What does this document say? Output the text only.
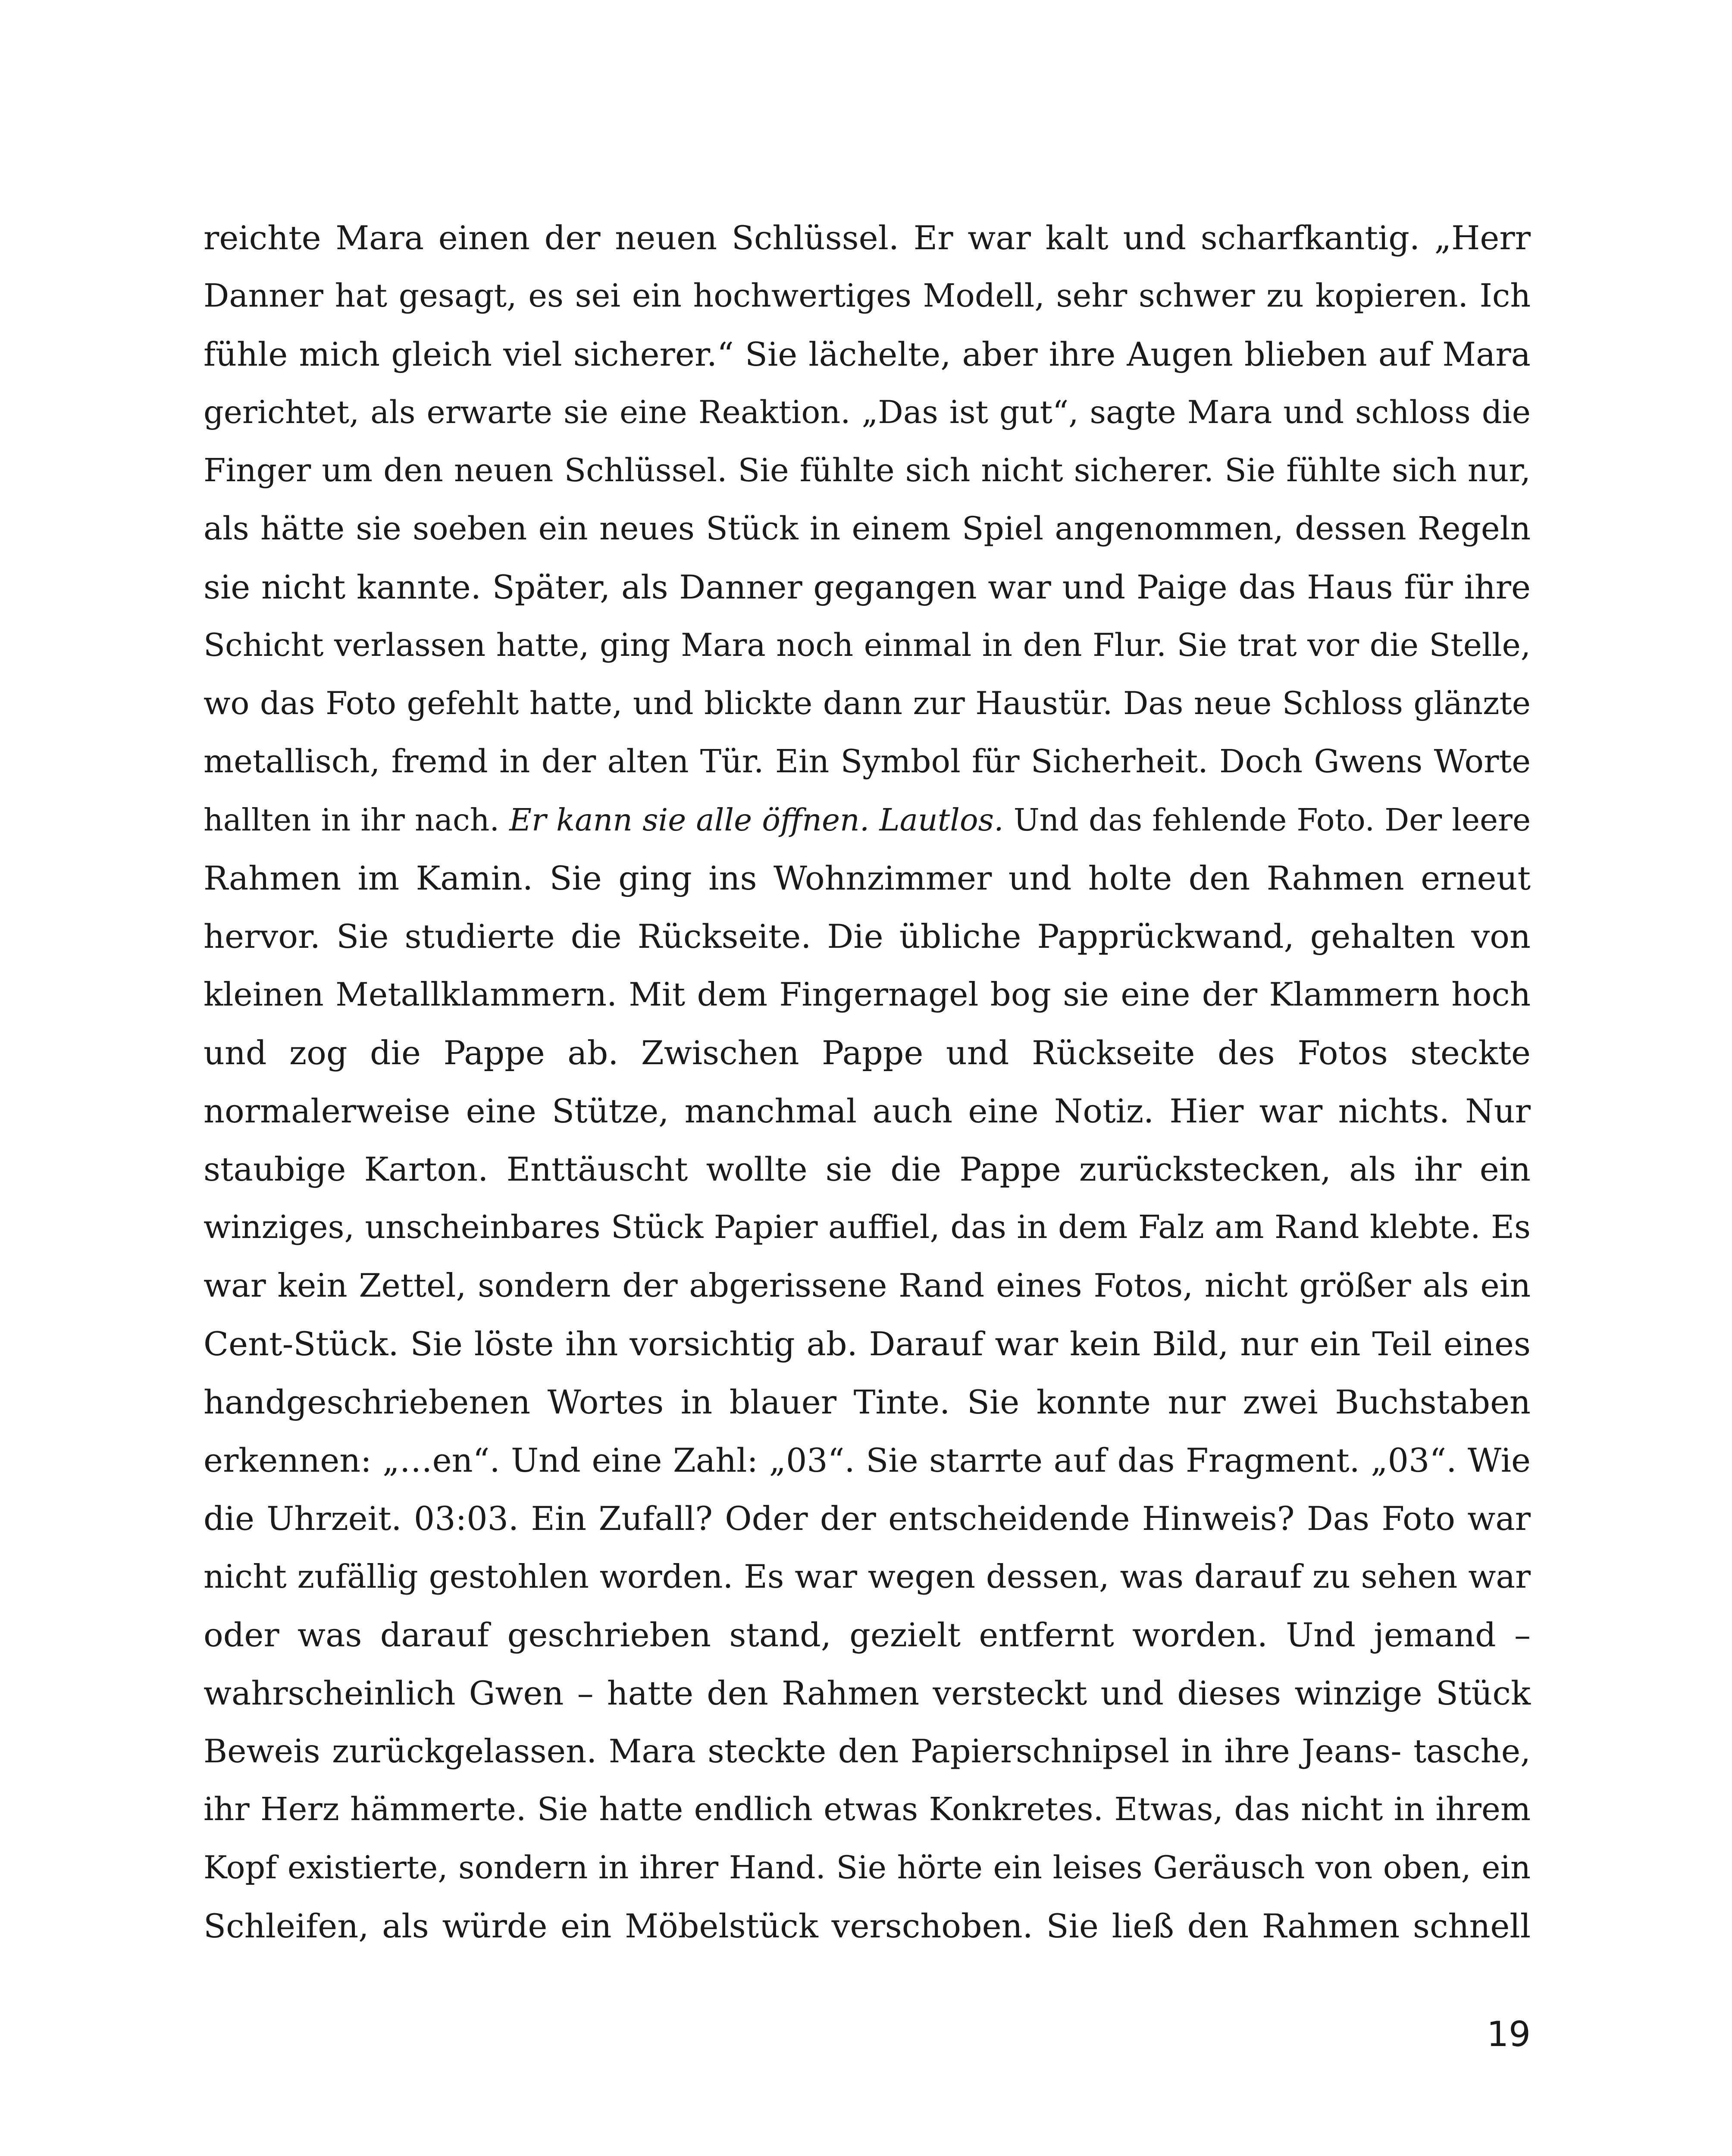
reichte Mara einen der neuen Schlüssel. Er war kalt und scharfkantig. „Herr
Danner hat gesagt, es sei ein hochwertiges Modell, sehr schwer zu kopieren. Ich
fühle mich gleich viel sicherer.“ Sie lächelte, aber ihre Augen blieben auf Mara
gerichtet, als erwarte sie eine Reaktion. „Das ist gut“, sagte Mara und schloss die
Finger um den neuen Schlüssel. Sie fühlte sich nicht sicherer. Sie fühlte sich nur,
als hätte sie soeben ein neues Stück in einem Spiel angenommen, dessen Regeln
sie nicht kannte. Später, als Danner gegangen war und Paige das Haus für ihre
Schicht verlassen hatte, ging Mara noch einmal in den Flur. Sie trat vor die Stelle,
wo das Foto gefehlt hatte, und blickte dann zur Haustür. Das neue Schloss glänzte
metallisch, fremd in der alten Tür. Ein Symbol für Sicherheit. Doch Gwens Worte
hallten in ihr nach. Er kann sie alle öffnen. Lautlos. Und das fehlende Foto. Der leere
Rahmen im Kamin. Sie ging ins Wohnzimmer und holte den Rahmen erneut
hervor. Sie studierte die Rückseite. Die übliche Papprückwand, gehalten von
kleinen Metallklammern. Mit dem Fingernagel bog sie eine der Klammern hoch
und zog die Pappe ab. Zwischen Pappe und Rückseite des Fotos steckte
normalerweise eine Stütze, manchmal auch eine Notiz. Hier war nichts. Nur
staubige Karton. Enttäuscht wollte sie die Pappe zurückstecken, als ihr ein
winziges, unscheinbares Stück Papier auffiel, das in dem Falz am Rand klebte. Es
war kein Zettel, sondern der abgerissene Rand eines Fotos, nicht größer als ein
Cent-Stück. Sie löste ihn vorsichtig ab. Darauf war kein Bild, nur ein Teil eines
handgeschriebenen Wortes in blauer Tinte. Sie konnte nur zwei Buchstaben
erkennen: „…en“. Und eine Zahl: „03“. Sie starrte auf das Fragment. „03“. Wie
die Uhrzeit. 03:03. Ein Zufall? Oder der entscheidende Hinweis? Das Foto war
nicht zufällig gestohlen worden. Es war wegen dessen, was darauf zu sehen war
oder was darauf geschrieben stand, gezielt entfernt worden. Und jemand –
wahrscheinlich Gwen – hatte den Rahmen versteckt und dieses winzige Stück
Beweis zurückgelassen. Mara steckte den Papierschnipsel in ihre Jeans- tasche,
ihr Herz hämmerte. Sie hatte endlich etwas Konkretes. Etwas, das nicht in ihrem
Kopf existierte, sondern in ihrer Hand. Sie hörte ein leises Geräusch von oben, ein
Schleifen, als würde ein Möbelstück verschoben. Sie ließ den Rahmen schnell
19
